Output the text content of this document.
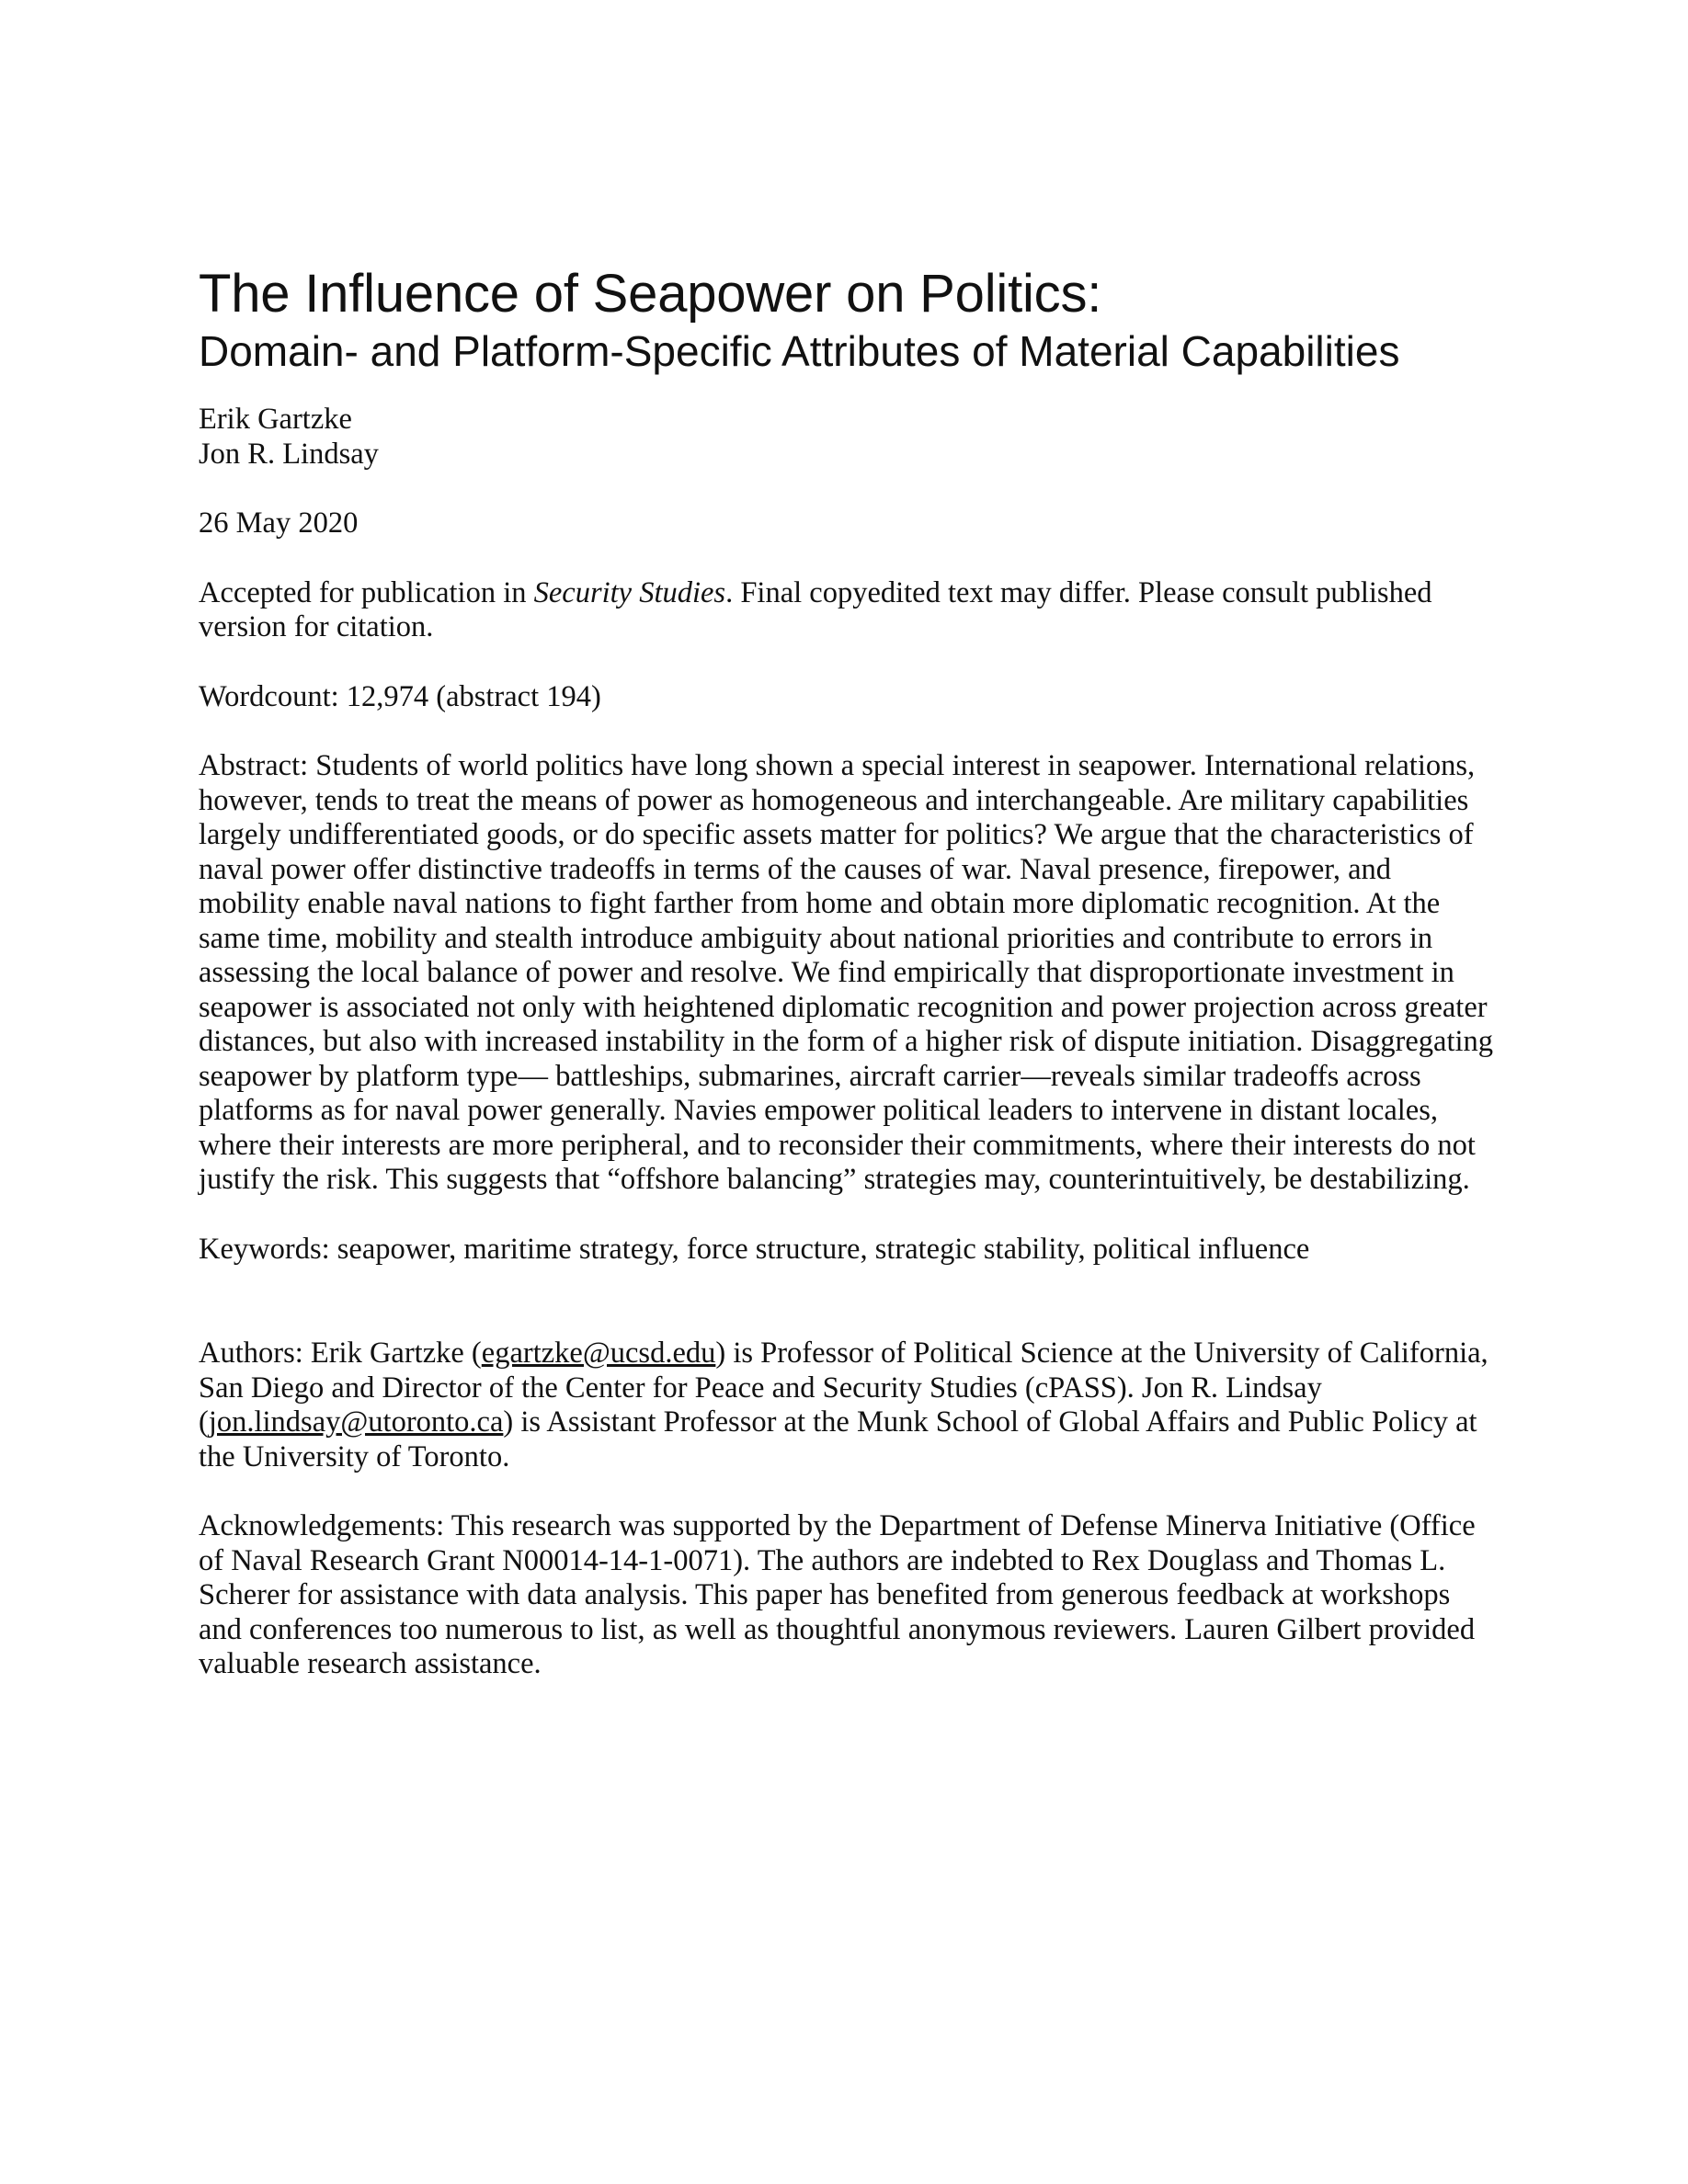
The Influence of Seapower on Politics:
Domain- and Platform-Specific Attributes of Material Capabilities
Erik Gartzke
Jon R. Lindsay

26 May 2020

Accepted for publication in Security Studies. Final copyedited text may differ. Please consult published version for citation.

Wordcount: 12,974 (abstract 194)

Abstract: Students of world politics have long shown a special interest in seapower. International relations, however, tends to treat the means of power as homogeneous and interchangeable. Are military capabilities largely undifferentiated goods, or do specific assets matter for politics? We argue that the characteristics of naval power offer distinctive tradeoffs in terms of the causes of war. Naval presence, firepower, and mobility enable naval nations to fight farther from home and obtain more diplomatic recognition. At the same time, mobility and stealth introduce ambiguity about national priorities and contribute to errors in assessing the local balance of power and resolve. We find empirically that disproportionate investment in seapower is associated not only with heightened diplomatic recognition and power projection across greater distances, but also with increased instability in the form of a higher risk of dispute initiation. Disaggregating seapower by platform type— battleships, submarines, aircraft carrier—reveals similar tradeoffs across platforms as for naval power generally. Navies empower political leaders to intervene in distant locales, where their interests are more peripheral, and to reconsider their commitments, where their interests do not justify the risk. This suggests that “offshore balancing” strategies may, counterintuitively, be destabilizing.

Keywords: seapower, maritime strategy, force structure, strategic stability, political influence

Authors: Erik Gartzke (egartzke@ucsd.edu) is Professor of Political Science at the University of California, San Diego and Director of the Center for Peace and Security Studies (cPASS). Jon R. Lindsay (jon.lindsay@utoronto.ca) is Assistant Professor at the Munk School of Global Affairs and Public Policy at the University of Toronto.

Acknowledgements: This research was supported by the Department of Defense Minerva Initiative (Office of Naval Research Grant N00014-14-1-0071). The authors are indebted to Rex Douglass and Thomas L. Scherer for assistance with data analysis. This paper has benefited from generous feedback at workshops and conferences too numerous to list, as well as thoughtful anonymous reviewers. Lauren Gilbert provided valuable research assistance.
